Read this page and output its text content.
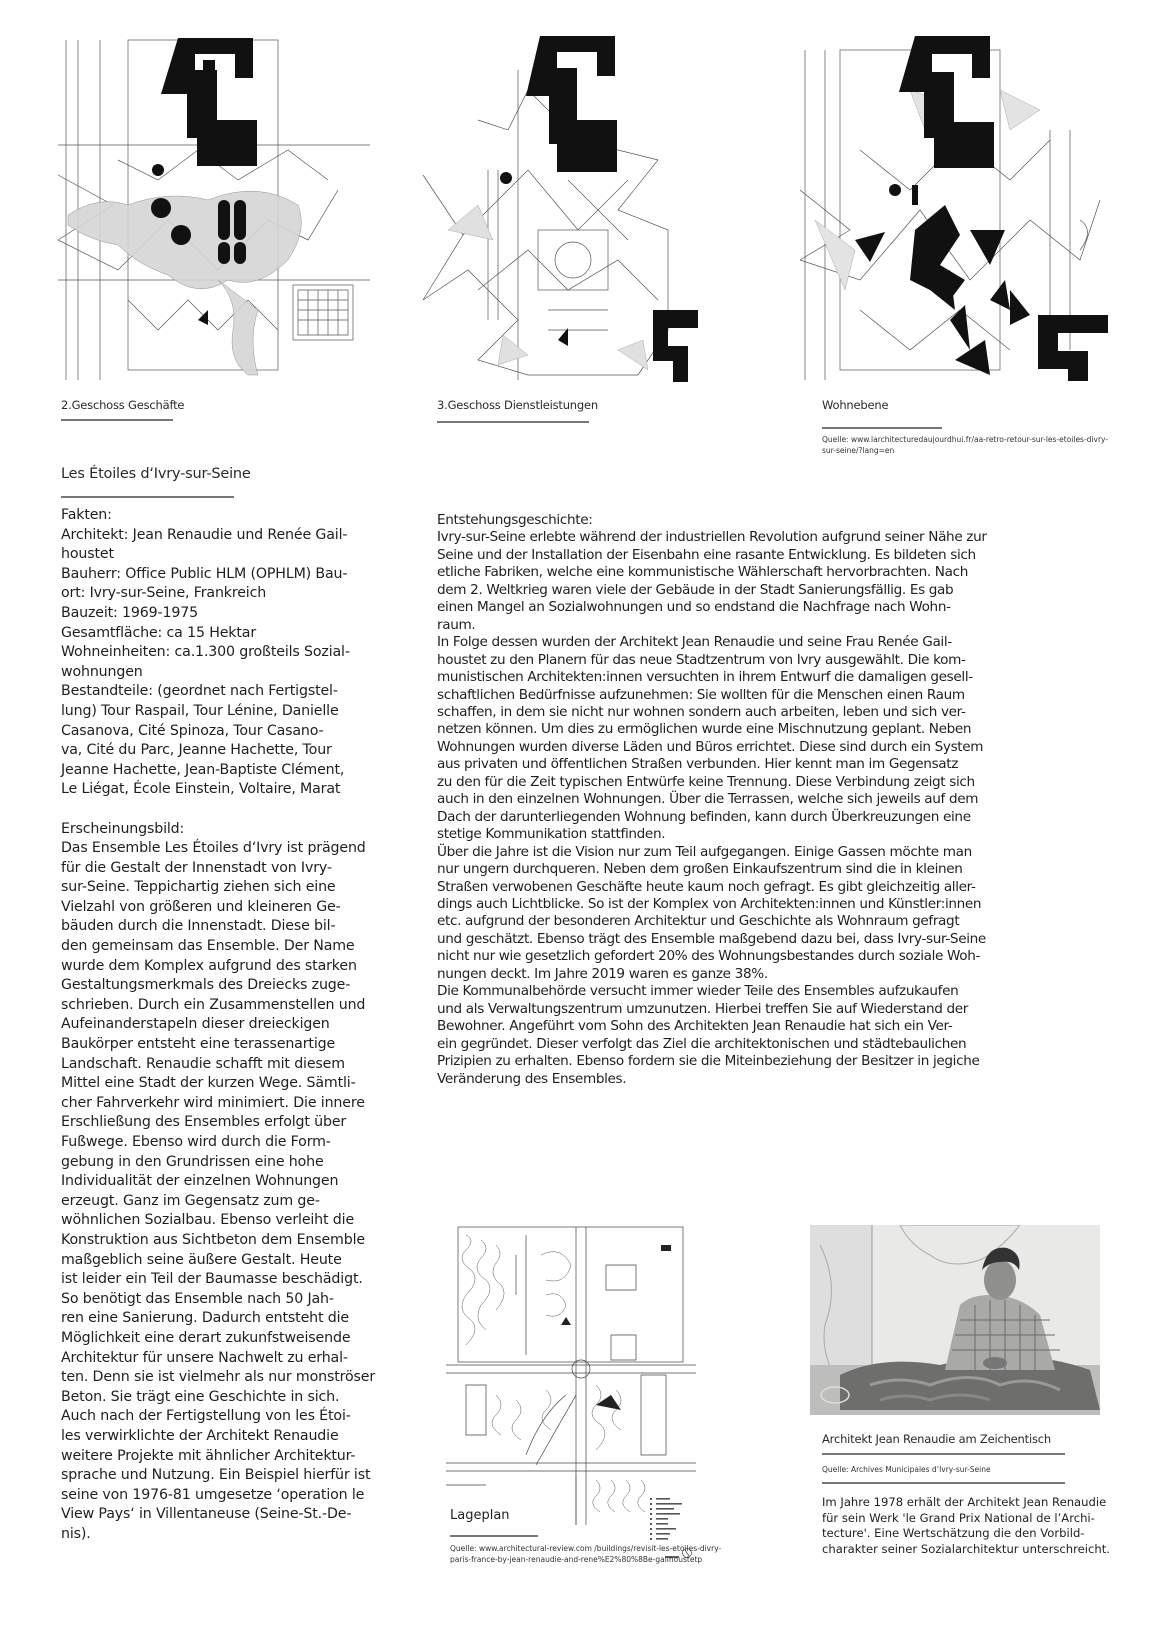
2.Geschoss Geschäfte	3.Geschoss Dienstleistungen	Wohnebene
Quelle: www.larchitecturedaujourdhui.fr/aa-retro-retour-sur-les-etoiles-divry-sur-seine/?lang=en
Les Étoiles d‘Ivry-sur-Seine

Fakten:

Architekt: Jean Renaudie und Renée Gail-
houstet

Bauherr: Office Public HLM (OPHLM) Bau-
ort: Ivry-sur-Seine, Frankreich

Bauzeit: 1969-1975

Gesamtfläche: ca 15 Hektar

Wohneinheiten: ca.1.300 großteils Sozial-
wohnungen

Bestandteile: (geordnet nach Fertigstel-
lung) Tour Raspail, Tour Lénine, Danielle
Casanova, Cité Spinoza, Tour Casano-
va, Cité du Parc, Jeanne Hachette, Tour
Jeanne Hachette, Jean-Baptiste Clément,
Le Liégat, École Einstein, Voltaire, Marat

Erscheinungsbild:

Das Ensemble Les Étoiles d‘Ivry ist prägend
für die Gestalt der Innenstadt von Ivry-
sur-Seine. Teppichartig ziehen sich eine
Vielzahl von größeren und kleineren Ge-
bäuden durch die Innenstadt. Diese bil-
den gemeinsam das Ensemble. Der Name
wurde dem Komplex aufgrund des starken
Gestaltungsmerkmals des Dreiecks zuge-
schrieben. Durch ein Zusammenstellen und
Aufeinanderstapeln dieser dreieckigen
Baukörper entsteht eine terassenartige
Landschaft. Renaudie schafft mit diesem
Mittel eine Stadt der kurzen Wege. Sämtli-
cher Fahrverkehr wird minimiert. Die innere
Erschließung des Ensembles erfolgt über
Fußwege. Ebenso wird durch die Form-
gebung in den Grundrissen eine hohe
Individualität der einzelnen Wohnungen
erzeugt. Ganz im Gegensatz zum ge-
wöhnlichen Sozialbau. Ebenso verleiht die
Konstruktion aus Sichtbeton dem Ensemble
maßgeblich seine äußere Gestalt. Heute
ist leider ein Teil der Baumasse beschädigt.
So benötigt das Ensemble nach 50 Jah-
ren eine Sanierung. Dadurch entsteht die
Möglichkeit eine derart zukunfstweisende
Architektur für unsere Nachwelt zu erhal-
ten. Denn sie ist vielmehr als nur monströser
Beton. Sie trägt eine Geschichte in sich.
Auch nach der Fertigstellung von les Étoi-
les verwirklichte der Architekt Renaudie
weitere Projekte mit ähnlicher Architektur-
sprache und Nutzung. Ein Beispiel hierfür ist
seine von 1976-81 umgesetze ‘operation le
View Pays‘ in Villentaneuse (Seine-St.-De-
nis).

Entstehungsgeschichte:

Ivry-sur-Seine erlebte während der industriellen Revolution aufgrund seiner Nähe zur
Seine und der Installation der Eisenbahn eine rasante Entwicklung. Es bildeten sich
etliche Fabriken, welche eine kommunistische Wählerschaft hervorbrachten. Nach
dem 2. Weltkrieg waren viele der Gebäude in der Stadt Sanierungsfällig. Es gab
einen Mangel an Sozialwohnungen und so endstand die Nachfrage nach Wohn-
raum.

In Folge dessen wurden der Architekt Jean Renaudie und seine Frau Renée Gail-
houstet zu den Planern für das neue Stadtzentrum von Ivry ausgewählt. Die kom-
munistischen Architekten:innen versuchten in ihrem Entwurf die damaligen gesell-
schaftlichen Bedürfnisse aufzunehmen: Sie wollten für die Menschen einen Raum
schaffen, in dem sie nicht nur wohnen sondern auch arbeiten, leben und sich ver-
netzen können. Um dies zu ermöglichen wurde eine Mischnutzung geplant. Neben
Wohnungen wurden diverse Läden und Büros errichtet. Diese sind durch ein System
aus privaten und öffentlichen Straßen verbunden. Hier kennt man im Gegensatz
zu den für die Zeit typischen Entwürfe keine Trennung. Diese Verbindung zeigt sich
auch in den einzelnen Wohnungen. Über die Terrassen, welche sich jeweils auf dem
Dach der darunterliegenden Wohnung befinden, kann durch Überkreuzungen eine
stetige Kommunikation stattfinden.

Über die Jahre ist die Vision nur zum Teil aufgegangen. Einige Gassen möchte man
nur ungern durchqueren. Neben dem großen Einkaufszentrum sind die in kleinen
Straßen verwobenen Geschäfte heute kaum noch gefragt. Es gibt gleichzeitig aller-
dings auch Lichtblicke. So ist der Komplex von Architekten:innen und Künstler:innen
etc. aufgrund der besonderen Architektur und Geschichte als Wohnraum gefragt
und geschätzt. Ebenso trägt des Ensemble maßgebend dazu bei, dass Ivry-sur-Seine
nicht nur wie gesetzlich gefordert 20% des Wohnungsbestandes durch soziale Woh-
nungen deckt. Im Jahre 2019 waren es ganze 38%.

Die Kommunalbehörde versucht immer wieder Teile des Ensembles aufzukaufen
und als Verwaltungszentrum umzunutzen. Hierbei treffen Sie auf Wiederstand der
Bewohner. Angeführt vom Sohn des Architekten Jean Renaudie hat sich ein Ver-
ein gegründet. Dieser verfolgt das Ziel die architektonischen und städtebaulichen
Prizipien zu erhalten. Ebenso fordern sie die Miteinbeziehung der Besitzer in jegiche
Veränderung des Ensembles.

Lageplan
Quelle: www.architectural-review.com /buildings/revisit-les-etoiles-divry-
paris-france-by-jean-renaudie-and-rene%E2%80%8Be-gailhoustetp
Architekt Jean Renaudie am Zeichentisch
Quelle: Archives Municipales d‘Ivry-sur-Seine
Im Jahre 1978 erhält der Architekt Jean Renaudie
für sein Werk 'le Grand Prix National de l’Archi-
tecture'. Eine Wertschätzung die den Vorbild-
charakter seiner Sozialarchitektur unterschreicht.
